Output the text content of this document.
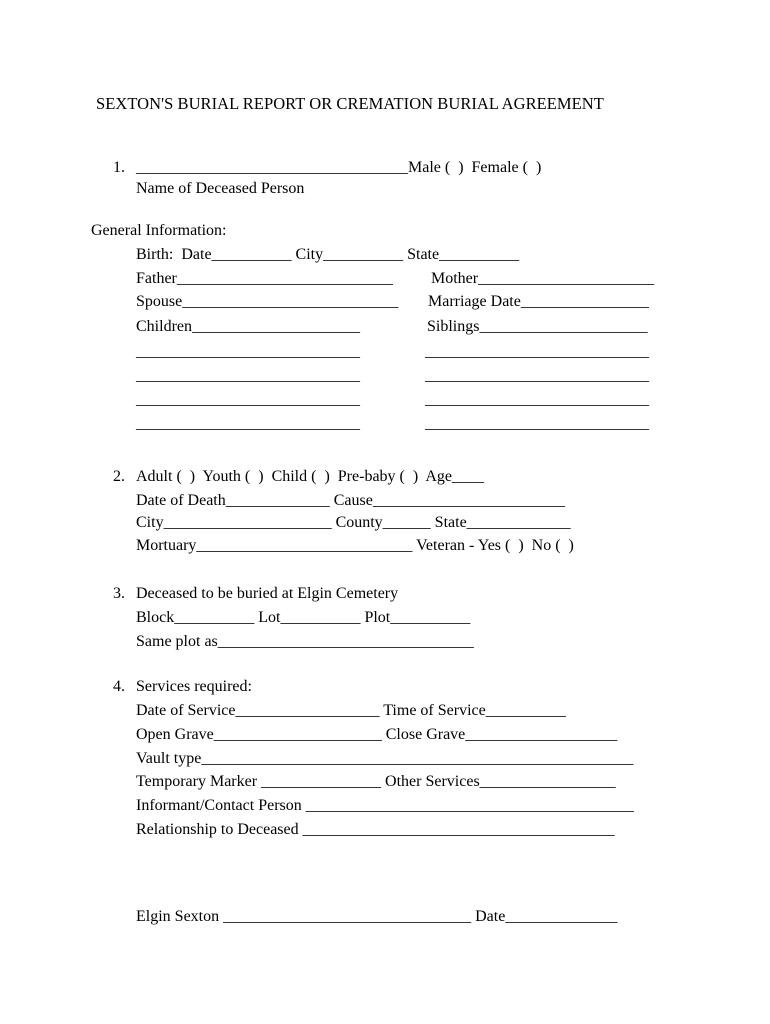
SEXTON'S BURIAL REPORT OR CREMATION BURIAL AGREEMENT
1. __________________________________Male (  )  Female (  )
Name of Deceased Person
General Information:
Birth:  Date__________ City__________ State__________
Father___________________________ Mother______________________
Spouse___________________________ Marriage Date________________
Children_____________________	Siblings_____________________
____________________________	____________________________
____________________________	____________________________
____________________________	____________________________
____________________________	____________________________
2. Adult (  )  Youth (  )  Child (  )  Pre-baby (  )  Age____
Date of Death_____________ Cause________________________
City_____________________ County______ State_____________
Mortuary___________________________ Veteran - Yes (  )  No (  )
3. Deceased to be buried at Elgin Cemetery
Block__________ Lot__________ Plot__________
Same plot as________________________________
4. Services required:
Date of Service__________________ Time of Service__________
Open Grave_____________________ Close Grave___________________
Vault type______________________________________________________
Temporary Marker _______________ Other Services_________________
Informant/Contact Person _________________________________________
Relationship to Deceased _______________________________________
Elgin Sexton _______________________________ Date______________
